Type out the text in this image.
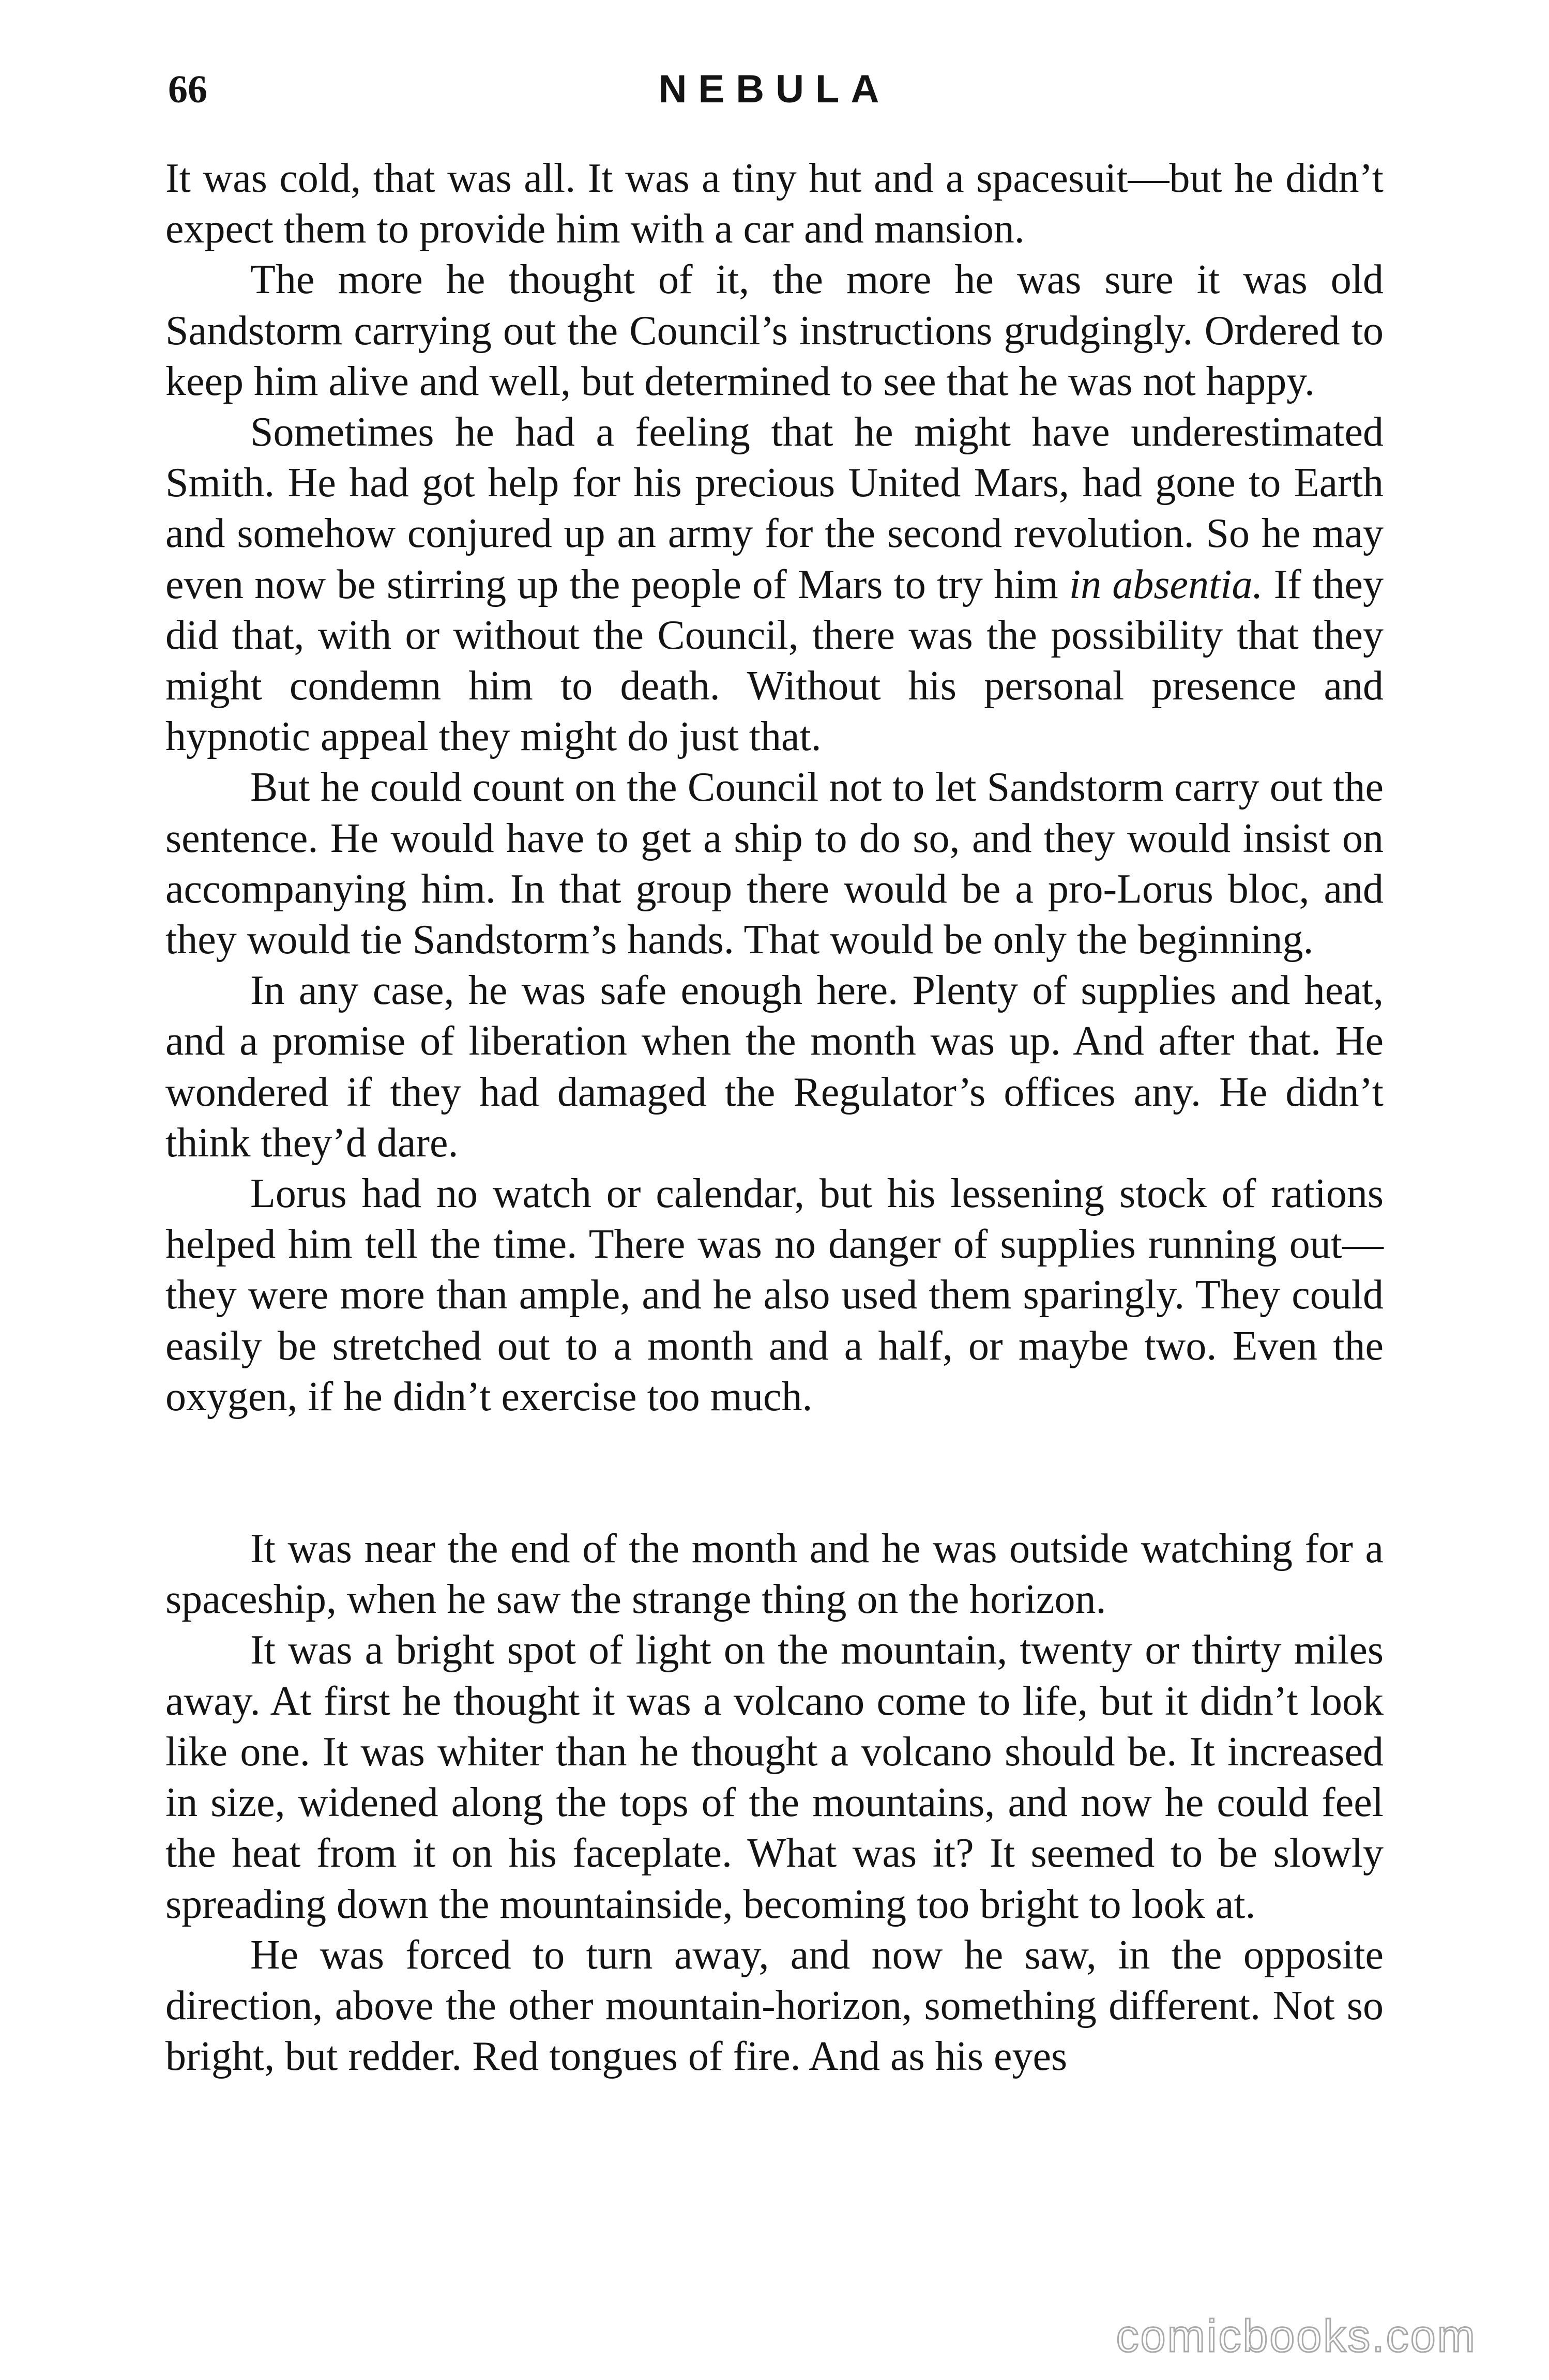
66	NEBULA

It was cold, that was all. It was a tiny hut and a spacesuit—but he didn’t expect them to provide him with a car and mansion.

The more he thought of it, the more he was sure it was old Sandstorm carrying out the Council’s instructions grudgingly. Ordered to keep him alive and well, but determined to see that he was not happy.

Sometimes he had a feeling that he might have underestimated Smith. He had got help for his precious United Mars, had gone to Earth and somehow conjured up an army for the second revolution. So he may even now be stirring up the people of Mars to try him in absentia. If they did that, with or without the Council, there was the possibility that they might condemn him to death. Without his personal presence and hypnotic appeal they might do just that.

But he could count on the Council not to let Sandstorm carry out the sentence. He would have to get a ship to do so, and they would insist on accompanying him. In that group there would be a pro-Lorus bloc, and they would tie Sandstorm’s hands. That would be only the beginning.

In any case, he was safe enough here. Plenty of supplies and heat, and a promise of liberation when the month was up. And after that. He wondered if they had damaged the Regulator’s offices any. He didn’t think they’d dare.

Lorus had no watch or calendar, but his lessening stock of rations helped him tell the time. There was no danger of supplies running out—they were more than ample, and he also used them sparingly. They could easily be stretched out to a month and a half, or maybe two. Even the oxygen, if he didn’t exercise too much.

It was near the end of the month and he was outside watching for a spaceship, when he saw the strange thing on the horizon.

It was a bright spot of light on the mountain, twenty or thirty miles away. At first he thought it was a volcano come to life, but it didn’t look like one. It was whiter than he thought a volcano should be. It increased in size, widened along the tops of the mountains, and now he could feel the heat from it on his faceplate. What was it? It seemed to be slowly spreading down the mountainside, becoming too bright to look at.

He was forced to turn away, and now he saw, in the opposite direction, above the other mountain-horizon, something different. Not so bright, but redder. Red tongues of fire. And as his eyes

comicbooks.com
